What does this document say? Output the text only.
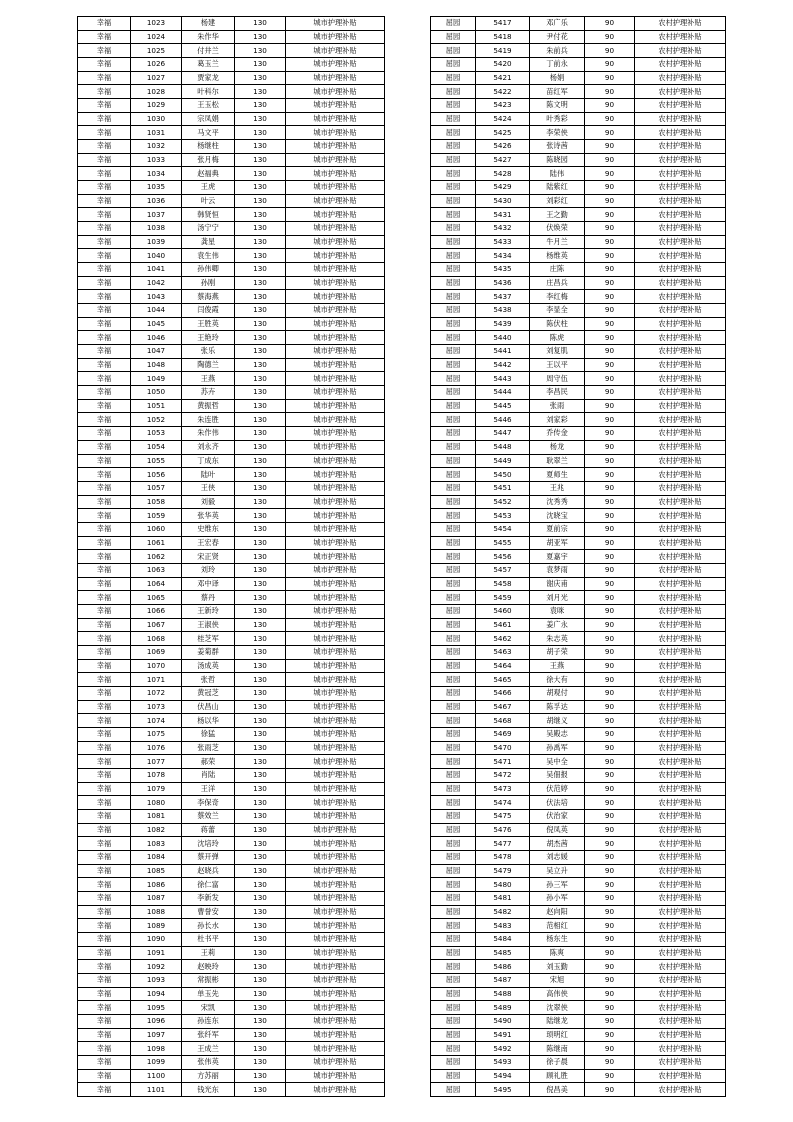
幸福	1023	杨建	130	城市护理补贴
幸福	1024	朱作华	130	城市护理补贴
幸福	1025	付井兰	130	城市护理补贴
幸福	1026	葛玉兰	130	城市护理补贴
幸福	1027	贾家龙	130	城市护理补贴
幸福	1028	叶科尔	130	城市护理补贴
幸福	1029	王玉松	130	城市护理补贴
幸福	1030	宗凤娟	130	城市护理补贴
幸福	1031	马文平	130	城市护理补贴
幸福	1032	杨继柱	130	城市护理补贴
幸福	1033	张月梅	130	城市护理补贴
幸福	1034	赵福典	130	城市护理补贴
幸福	1035	王虎	130	城市护理补贴
幸福	1036	叶云	130	城市护理补贴
幸福	1037	韩贤恒	130	城市护理补贴
幸福	1038	汤宁宁	130	城市护理补贴
幸福	1039	龚星	130	城市护理补贴
幸福	1040	袁生伟	130	城市护理补贴
幸福	1041	孙伟卿	130	城市护理补贴
幸福	1042	孙刚	130	城市护理补贴
幸福	1043	蔡海燕	130	城市护理补贴
幸福	1044	闫俊霞	130	城市护理补贴
幸福	1045	王胜英	130	城市护理补贴
幸福	1046	王艳玲	130	城市护理补贴
幸福	1047	张乐	130	城市护理补贴
幸福	1048	陶德兰	130	城市护理补贴
幸福	1049	王燕	130	城市护理补贴
幸福	1050	苏卉	130	城市护理补贴
幸福	1051	黄振哲	130	城市护理补贴
幸福	1052	朱连胜	130	城市护理补贴
幸福	1053	朱作伟	130	城市护理补贴
幸福	1054	刘永齐	130	城市护理补贴
幸福	1055	丁成东	130	城市护理补贴
幸福	1056	陆叶	130	城市护理补贴
幸福	1057	王侠	130	城市护理补贴
幸福	1058	刘毅	130	城市护理补贴
幸福	1059	张华英	130	城市护理补贴
幸福	1060	史维东	130	城市护理补贴
幸福	1061	王宏春	130	城市护理补贴
幸福	1062	宋正贤	130	城市护理补贴
幸福	1063	刘玲	130	城市护理补贴
幸福	1064	邓中译	130	城市护理补贴
幸福	1065	蔡丹	130	城市护理补贴
幸福	1066	王新玲	130	城市护理补贴
幸福	1067	王淑侠	130	城市护理补贴
幸福	1068	桂芝军	130	城市护理补贴
幸福	1069	姜菊群	130	城市护理补贴
幸福	1070	汤成英	130	城市护理补贴
幸福	1071	张哲	130	城市护理补贴
幸福	1072	黄冠芝	130	城市护理补贴
幸福	1073	伏昌山	130	城市护理补贴
幸福	1074	杨以华	130	城市护理补贴
幸福	1075	徐猛	130	城市护理补贴
幸福	1076	张雨芝	130	城市护理补贴
幸福	1077	郝荣	130	城市护理补贴
幸福	1078	肖陆	130	城市护理补贴
幸福	1079	王洋	130	城市护理补贴
幸福	1080	李保奇	130	城市护理补贴
幸福	1081	蔡效兰	130	城市护理补贴
幸福	1082	蒋蕾	130	城市护理补贴
幸福	1083	沈培玲	130	城市护理补贴
幸福	1084	蔡开弹	130	城市护理补贴
幸福	1085	赵晓兵	130	城市护理补贴
幸福	1086	徐仁富	130	城市护理补贴
幸福	1087	李新发	130	城市护理补贴
幸福	1088	曹誉安	130	城市护理补贴
幸福	1089	孙长水	130	城市护理补贴
幸福	1090	杜书平	130	城市护理补贴
幸福	1091	王莉	130	城市护理补贴
幸福	1092	赵映玲	130	城市护理补贴
幸福	1093	常振彬	130	城市护理补贴
幸福	1094	单玉先	130	城市护理补贴
幸福	1095	宋凯	130	城市护理补贴
幸福	1096	孙连东	130	城市护理补贴
幸福	1097	张纤军	130	城市护理补贴
幸福	1098	王成兰	130	城市护理补贴
幸福	1099	张伟英	130	城市护理补贴
幸福	1100	方苏丽	130	城市护理补贴
幸福	1101	钱光东	130	城市护理补贴
屈园	5417	邓广乐	90	农村护理补贴
屈园	5418	尹付花	90	农村护理补贴
屈园	5419	朱前兵	90	农村护理补贴
屈园	5420	丁前永	90	农村护理补贴
屈园	5421	杨娟	90	农村护理补贴
屈园	5422	苗红军	90	农村护理补贴
屈园	5423	陈文明	90	农村护理补贴
屈园	5424	叶秀彩	90	农村护理补贴
屈园	5425	李荣侠	90	农村护理补贴
屈园	5426	张诗茜	90	农村护理补贴
屈园	5427	陈晓园	90	农村护理补贴
屈园	5428	陆伟	90	农村护理补贴
屈园	5429	陆紫红	90	农村护理补贴
屈园	5430	刘彩红	90	农村护理补贴
屈园	5431	王之勤	90	农村护理补贴
屈园	5432	伏焕荣	90	农村护理补贴
屈园	5433	牛月兰	90	农村护理补贴
屈园	5434	杨维英	90	农村护理补贴
屈园	5435	庄陈	90	农村护理补贴
屈园	5436	庄昌兵	90	农村护理补贴
屈园	5437	李红梅	90	农村护理补贴
屈园	5438	李显全	90	农村护理补贴
屈园	5439	陈伏柱	90	农村护理补贴
屈园	5440	陈虎	90	农村护理补贴
屈园	5441	刘复肌	90	农村护理补贴
屈园	5442	王以平	90	农村护理补贴
屈园	5443	周守伍	90	农村护理补贴
屈园	5444	李昌民	90	农村护理补贴
屈园	5445	张雨	90	农村护理补贴
屈园	5446	刘家彩	90	农村护理补贴
屈园	5447	乔传金	90	农村护理补贴
屈园	5448	杨龙	90	农村护理补贴
屈园	5449	耿翠兰	90	农村护理补贴
屈园	5450	夏师生	90	农村护理补贴
屈园	5451	王兆	90	农村护理补贴
屈园	5452	沈秀秀	90	农村护理补贴
屈园	5453	沈晓宝	90	农村护理补贴
屈园	5454	夏前宗	90	农村护理补贴
屈园	5455	胡亚军	90	农村护理补贴
屈园	5456	夏嘉宇	90	农村护理补贴
屈园	5457	袁梦雨	90	农村护理补贴
屈园	5458	谢庆甫	90	农村护理补贴
屈园	5459	刘月光	90	农村护理补贴
屈园	5460	袁咪	90	农村护理补贴
屈园	5461	姜广永	90	农村护理补贴
屈园	5462	朱志英	90	农村护理补贴
屈园	5463	胡子荣	90	农村护理补贴
屈园	5464	王燕	90	农村护理补贴
屈园	5465	徐大有	90	农村护理补贴
屈园	5466	胡观付	90	农村护理补贴
屈园	5467	陈孚达	90	农村护理补贴
屈园	5468	胡继义	90	农村护理补贴
屈园	5469	吴殿志	90	农村护理补贴
屈园	5470	孙禹军	90	农村护理补贴
屈园	5471	吴中全	90	农村护理补贴
屈园	5472	吴佃报	90	农村护理补贴
屈园	5473	伏范婷	90	农村护理补贴
屈园	5474	伏法培	90	农村护理补贴
屈园	5475	伏治家	90	农村护理补贴
屈园	5476	倪凤英	90	农村护理补贴
屈园	5477	胡杰茜	90	农村护理补贴
屈园	5478	刘志媛	90	农村护理补贴
屈园	5479	吴立升	90	农村护理补贴
屈园	5480	孙三军	90	农村护理补贴
屈园	5481	孙小军	90	农村护理补贴
屈园	5482	赵向阳	90	农村护理补贴
屈园	5483	范相红	90	农村护理补贴
屈园	5484	杨东生	90	农村护理补贴
屈园	5485	陈爽	90	农村护理补贴
屈园	5486	刘玉勤	90	农村护理补贴
屈园	5487	宋旭	90	农村护理补贴
屈园	5488	高伟侠	90	农村护理补贴
屈园	5489	沈翠侠	90	农村护理补贴
屈园	5490	陆继龙	90	农村护理补贴
屈园	5491	顼明红	90	农村护理补贴
屈园	5492	陈继南	90	农村护理补贴
屈园	5493	徐子晨	90	农村护理补贴
屈园	5494	顾礼胜	90	农村护理补贴
屈园	5495	倪昌美	90	农村护理补贴
